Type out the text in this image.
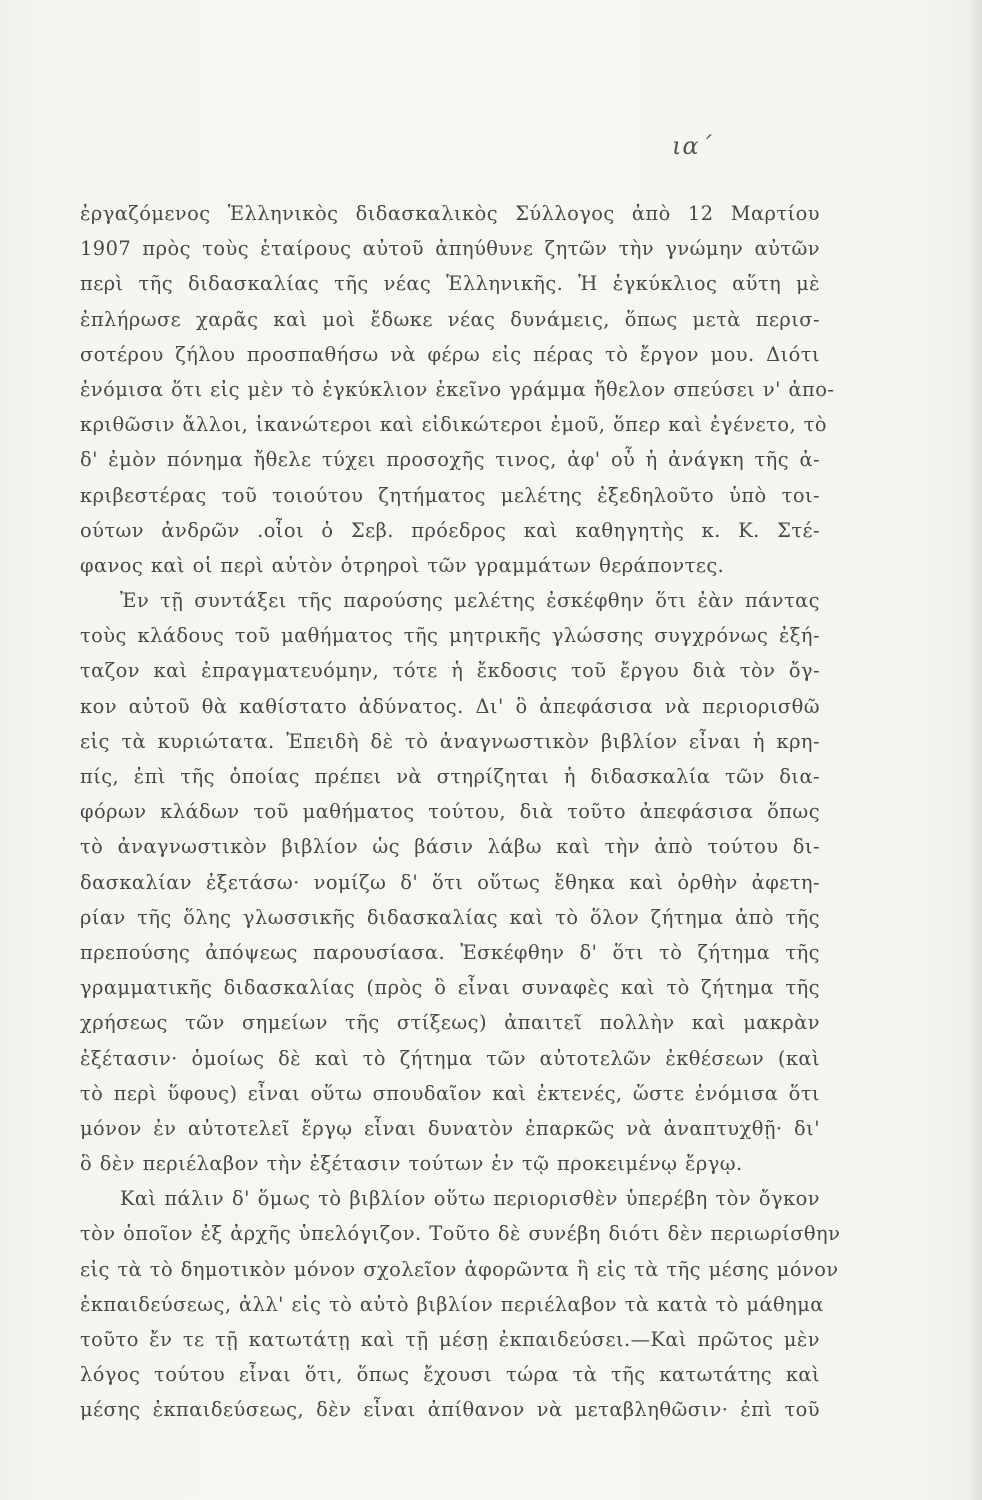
ια΄
ἐργαζόμενος Ἑλληνικὸς διδασκαλικὸς Σύλλογος ἀπὸ 12 Μαρτίου
1907 πρὸς τοὺς ἑταίρους αὐτοῦ ἀπηύθυνε ζητῶν τὴν γνώμην αὐτῶν
περὶ τῆς διδασκαλίας τῆς νέας Ἑλληνικῆς. Ἡ ἐγκύκλιος αὕτη μὲ
ἐπλήρωσε χαρᾶς καὶ μοὶ ἔδωκε νέας δυνάμεις, ὅπως μετὰ περισ-
σοτέρου ζήλου προσπαθήσω νὰ φέρω εἰς πέρας τὸ ἔργον μου. Διότι
ἐνόμισα ὅτι εἰς μὲν τὸ ἐγκύκλιον ἐκεῖνο γράμμα ἤθελον σπεύσει ν' ἀπο-
κριθῶσιν ἄλλοι, ἱκανώτεροι καὶ εἰδικώτεροι ἐμοῦ, ὅπερ καὶ ἐγένετο, τὸ
δ' ἐμὸν πόνημα ἤθελε τύχει προσοχῆς τινος, ἀφ' οὗ ἡ ἀνάγκη τῆς ἀ-
κριβεστέρας τοῦ τοιούτου ζητήματος μελέτης ἐξεδηλοῦτο ὑπὸ τοι-
ούτων ἀνδρῶν .οἷοι ὁ Σεβ. πρόεδρος καὶ καθηγητὴς κ. Κ. Στέ-
φανος καὶ οἱ περὶ αὐτὸν ὀτρηροὶ τῶν γραμμάτων θεράποντες.
Ἐν τῇ συντάξει τῆς παρούσης μελέτης ἐσκέφθην ὅτι ἐὰν πάντας
τοὺς κλάδους τοῦ μαθήματος τῆς μητρικῆς γλώσσης συγχρόνως ἐξή-
ταζον καὶ ἐπραγματευόμην, τότε ἡ ἔκδοσις τοῦ ἔργου διὰ τὸν ὄγ-
κον αὐτοῦ θὰ καθίστατο ἀδύνατος. Δι' ὃ ἀπεφάσισα νὰ περιορισθῶ
εἰς τὰ κυριώτατα. Ἐπειδὴ δὲ τὸ ἀναγνωστικὸν βιβλίον εἶναι ἡ κρη-
πίς, ἐπὶ τῆς ὁποίας πρέπει νὰ στηρίζηται ἡ διδασκαλία τῶν δια-
φόρων κλάδων τοῦ μαθήματος τούτου, διὰ τοῦτο ἀπεφάσισα ὅπως
τὸ ἀναγνωστικὸν βιβλίον ὡς βάσιν λάβω καὶ τὴν ἀπὸ τούτου δι-
δασκαλίαν ἐξετάσω· νομίζω δ' ὅτι οὕτως ἔθηκα καὶ ὀρθὴν ἀφετη-
ρίαν τῆς ὅλης γλωσσικῆς διδασκαλίας καὶ τὸ ὅλον ζήτημα ἀπὸ τῆς
πρεπούσης ἀπόψεως παρουσίασα. Ἐσκέφθην δ' ὅτι τὸ ζήτημα τῆς
γραμματικῆς διδασκαλίας (πρὸς ὃ εἶναι συναφὲς καὶ τὸ ζήτημα τῆς
χρήσεως τῶν σημείων τῆς στίξεως) ἀπαιτεῖ πολλὴν καὶ μακρὰν
ἐξέτασιν· ὁμοίως δὲ καὶ τὸ ζήτημα τῶν αὐτοτελῶν ἐκθέσεων (καὶ
τὸ περὶ ὕφους) εἶναι οὕτω σπουδαῖον καὶ ἐκτενές, ὥστε ἐνόμισα ὅτι
μόνον ἐν αὐτοτελεῖ ἔργῳ εἶναι δυνατὸν ἐπαρκῶς νὰ ἀναπτυχθῇ· δι'
ὃ δὲν περιέλαβον τὴν ἐξέτασιν τούτων ἐν τῷ προκειμένῳ ἔργῳ.
Καὶ πάλιν δ' ὅμως τὸ βιβλίον οὕτω περιορισθὲν ὑπερέβη τὸν ὄγκον
τὸν ὁποῖον ἐξ ἀρχῆς ὑπελόγιζον. Τοῦτο δὲ συνέβη διότι δὲν περιωρίσθην
εἰς τὰ τὸ δημοτικὸν μόνον σχολεῖον ἀφορῶντα ἢ εἰς τὰ τῆς μέσης μόνον
ἐκπαιδεύσεως, ἀλλ' εἰς τὸ αὐτὸ βιβλίον περιέλαβον τὰ κατὰ τὸ μάθημα
τοῦτο ἔν τε τῇ κατωτάτῃ καὶ τῇ μέσῃ ἐκπαιδεύσει.—Καὶ πρῶτος μὲν
λόγος τούτου εἶναι ὅτι, ὅπως ἔχουσι τώρα τὰ τῆς κατωτάτης καὶ
μέσης ἐκπαιδεύσεως, δὲν εἶναι ἀπίθανον νὰ μεταβληθῶσιν· ἐπὶ τοῦ
